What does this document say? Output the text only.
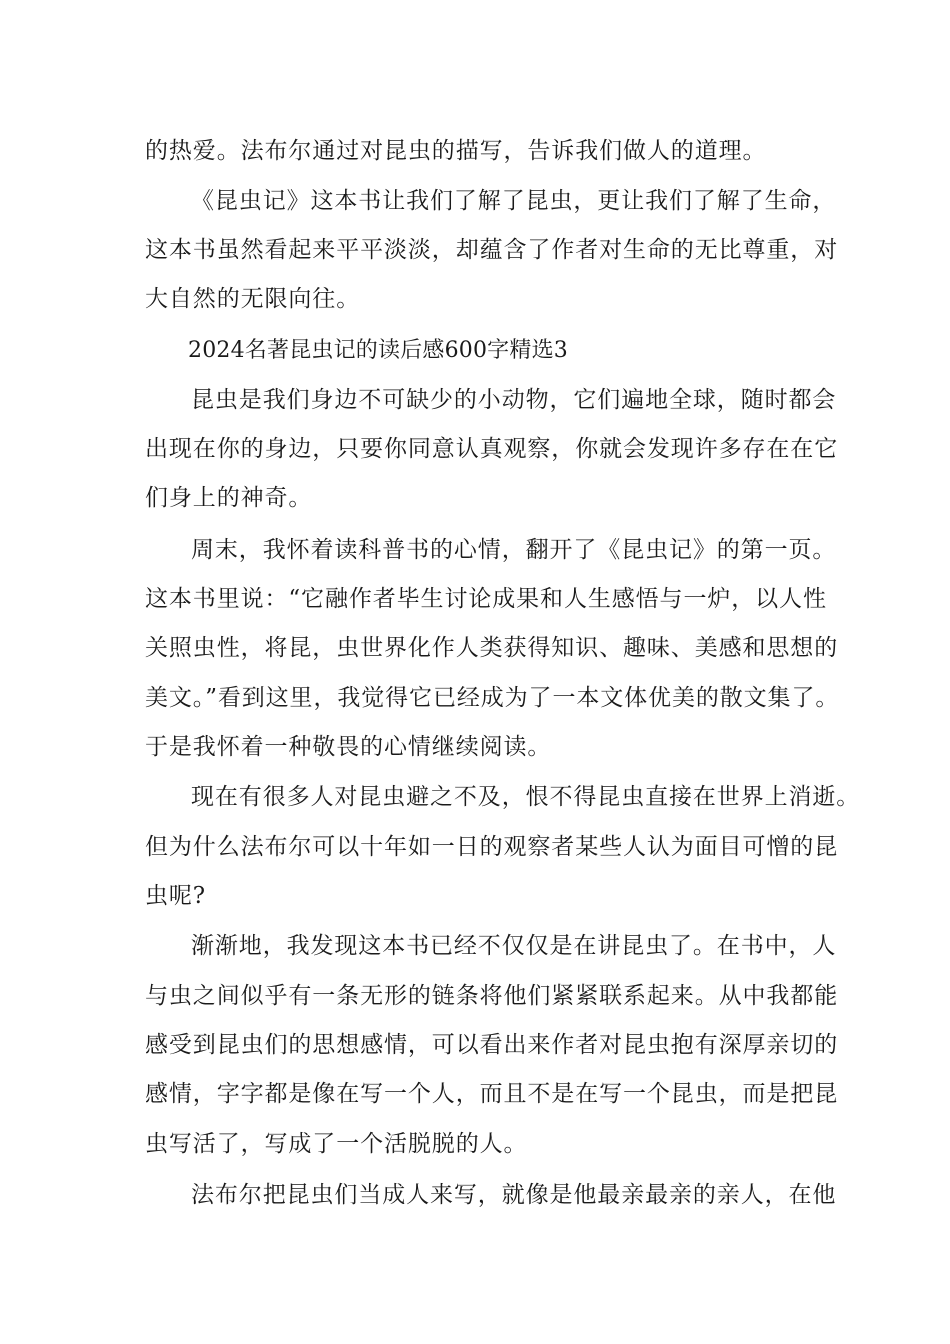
的热爱。法布尔通过对昆虫的描写，告诉我们做人的道理。
《昆虫记》这本书让我们了解了昆虫，更让我们了解了生命，
这本书虽然看起来平平淡淡，却蕴含了作者对生命的无比尊重，对
大自然的无限向往。
2024名著昆虫记的读后感600字精选3
昆虫是我们身边不可缺少的小动物，它们遍地全球，随时都会
出现在你的身边，只要你同意认真观察，你就会发现许多存在在它
们身上的神奇。
周末，我怀着读科普书的心情，翻开了《昆虫记》的第一页。
这本书里说：“它融作者毕生讨论成果和人生感悟与一炉，以人性
关照虫性，将昆，虫世界化作人类获得知识、趣味、美感和思想的
美文。”看到这里，我觉得它已经成为了一本文体优美的散文集了。
于是我怀着一种敬畏的心情继续阅读。
现在有很多人对昆虫避之不及，恨不得昆虫直接在世界上消逝。
但为什么法布尔可以十年如一日的观察者某些人认为面目可憎的昆
虫呢?
渐渐地，我发现这本书已经不仅仅是在讲昆虫了。在书中，人
与虫之间似乎有一条无形的链条将他们紧紧联系起来。从中我都能
感受到昆虫们的思想感情，可以看出来作者对昆虫抱有深厚亲切的
感情，字字都是像在写一个人，而且不是在写一个昆虫，而是把昆
虫写活了，写成了一个活脱脱的人。
法布尔把昆虫们当成人来写，就像是他最亲最亲的亲人，在他
